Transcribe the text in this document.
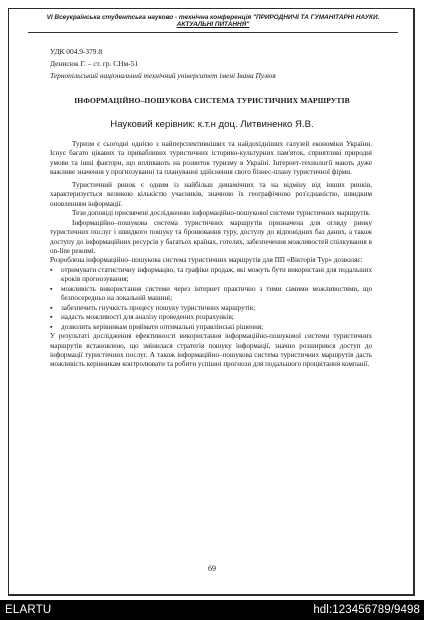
VI Всеукраїнська студентська науково - технічна конференція "ПРИРОДНИЧІ ТА ГУМАНІТАРНІ НАУКИ.
АКТУАЛЬНІ ПИТАННЯ"
УДК 004.9-379.8
Денисюк Г. – ст. гр. СНм-51
Тернопільський національний технічний університет імені Івана Пулюя
ІНФОРМАЦІЙНО–ПОШУКОВА СИСТЕМА ТУРИСТИЧНИХ МАРШРУТІВ
Науковий керівник: к.т.н доц. Литвиненко Я.В.

Туризм є сьогодні однією з найперспективніших та найдохідніших галузей економіки України. Існує багато цікавих та привабливих туристичних історико-культурних пам'яток, сприятливі природні умови та інші фактори, що впливають на розвиток туризму в Україні. Інтернет-технології мають дуже важливе значення у прогнозуванні та плануванні здійснення свого бізнес-плану туристичної фірми.

Туристичний ринок є одним із найбільш динамічних та на відміну від інших ринків, характеризується великою кількістю учасників, значною їх географічною роз'єднаністю, швидким оновленням інформації.

Тези доповіді присвячені дослідженню інформаційно-пошукової системи туристичних маршрутів.

Інформаційно–пошукова система туристичних маршрутів призначена для огляду ринку туристичних послуг і швидкого пошуку та бронювання туру, доступу до відповідних баз даних, а також доступу до інформаційних ресурсів у багатьох країнах, готелях, забезпечення можливостей спілкування в on-line режимі.

Розроблена інформаційно–пошукова система туристичних маршрутів для ПП «Вікторія Тур» дозволяє:

▪ отримувати статистичну інформацію, та графіки продаж, які можуть бути використані для подальших кроків прогнозування;
▪ можливість використання системи через інтернет практично з тими самими можливостями, що безпосередньо на локальній машині;
▪ забезпечить гнучкість процесу пошуку туристичних маршрутів;
▪ надасть можливості для аналізу проведених розрахунків;
▪ дозволить керівникам приймати оптимальні управлінські рішення;

У результаті дослідження ефективності використання інформаційно-пошукової системи туристичних маршрутів встановлено, що змінилася стратегія пошуку інформації, значно розширився доступ до інформації туристичних послуг. А також інформаційно–пошукова система туристичних маршрутів дасть можливість керівникам контролювати та робити успішні прогнози для подальшого процвітання компанії.

69
ELARTU	hdl:123456789/9498
